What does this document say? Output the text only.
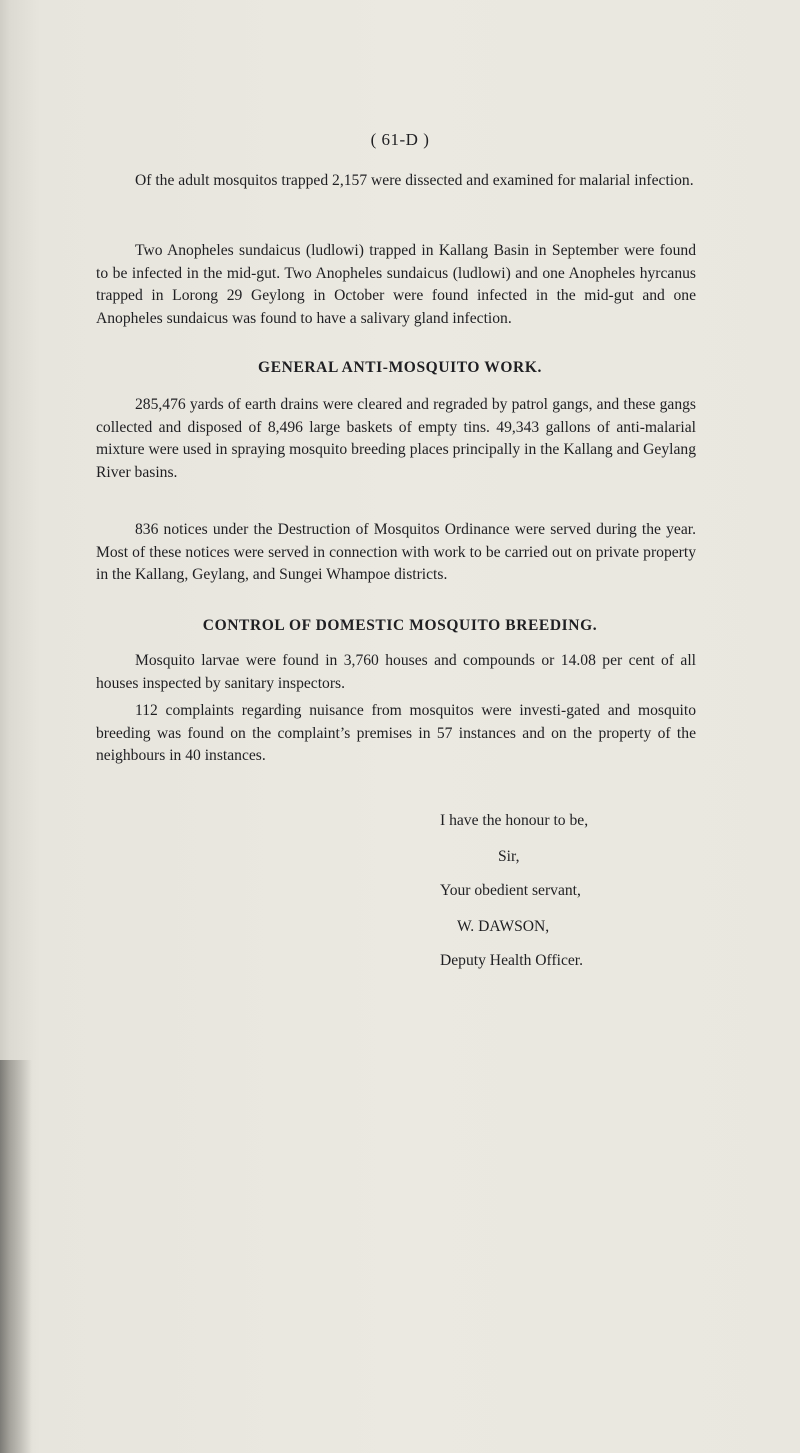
( 61-D )

Of the adult mosquitos trapped 2,157 were dissected and examined for malarial infection.

Two Anopheles sundaicus (ludlowi) trapped in Kallang Basin in September were found to be infected in the mid-gut. Two Anopheles sundaicus (ludlowi) and one Anopheles hyrcanus trapped in Lorong 29 Geylong in October were found infected in the mid-gut and one Anopheles sundaicus was found to have a salivary gland infection.

GENERAL ANTI-MOSQUITO WORK.

285,476 yards of earth drains were cleared and regraded by patrol gangs, and these gangs collected and disposed of 8,496 large baskets of empty tins. 49,343 gallons of anti-malarial mixture were used in spraying mosquito breeding places principally in the Kallang and Geylang River basins.

836 notices under the Destruction of Mosquitos Ordinance were served during the year. Most of these notices were served in connection with work to be carried out on private property in the Kallang, Geylang, and Sungei Whampoe districts.

CONTROL OF DOMESTIC MOSQUITO BREEDING.

Mosquito larvae were found in 3,760 houses and compounds or 14.08 per cent of all houses inspected by sanitary inspectors.

112 complaints regarding nuisance from mosquitos were investi-gated and mosquito breeding was found on the complaint’s premises in 57 instances and on the property of the neighbours in 40 instances.

I have the honour to be,
Sir,
Your obedient servant,
W. DAWSON,
Deputy Health Officer.
